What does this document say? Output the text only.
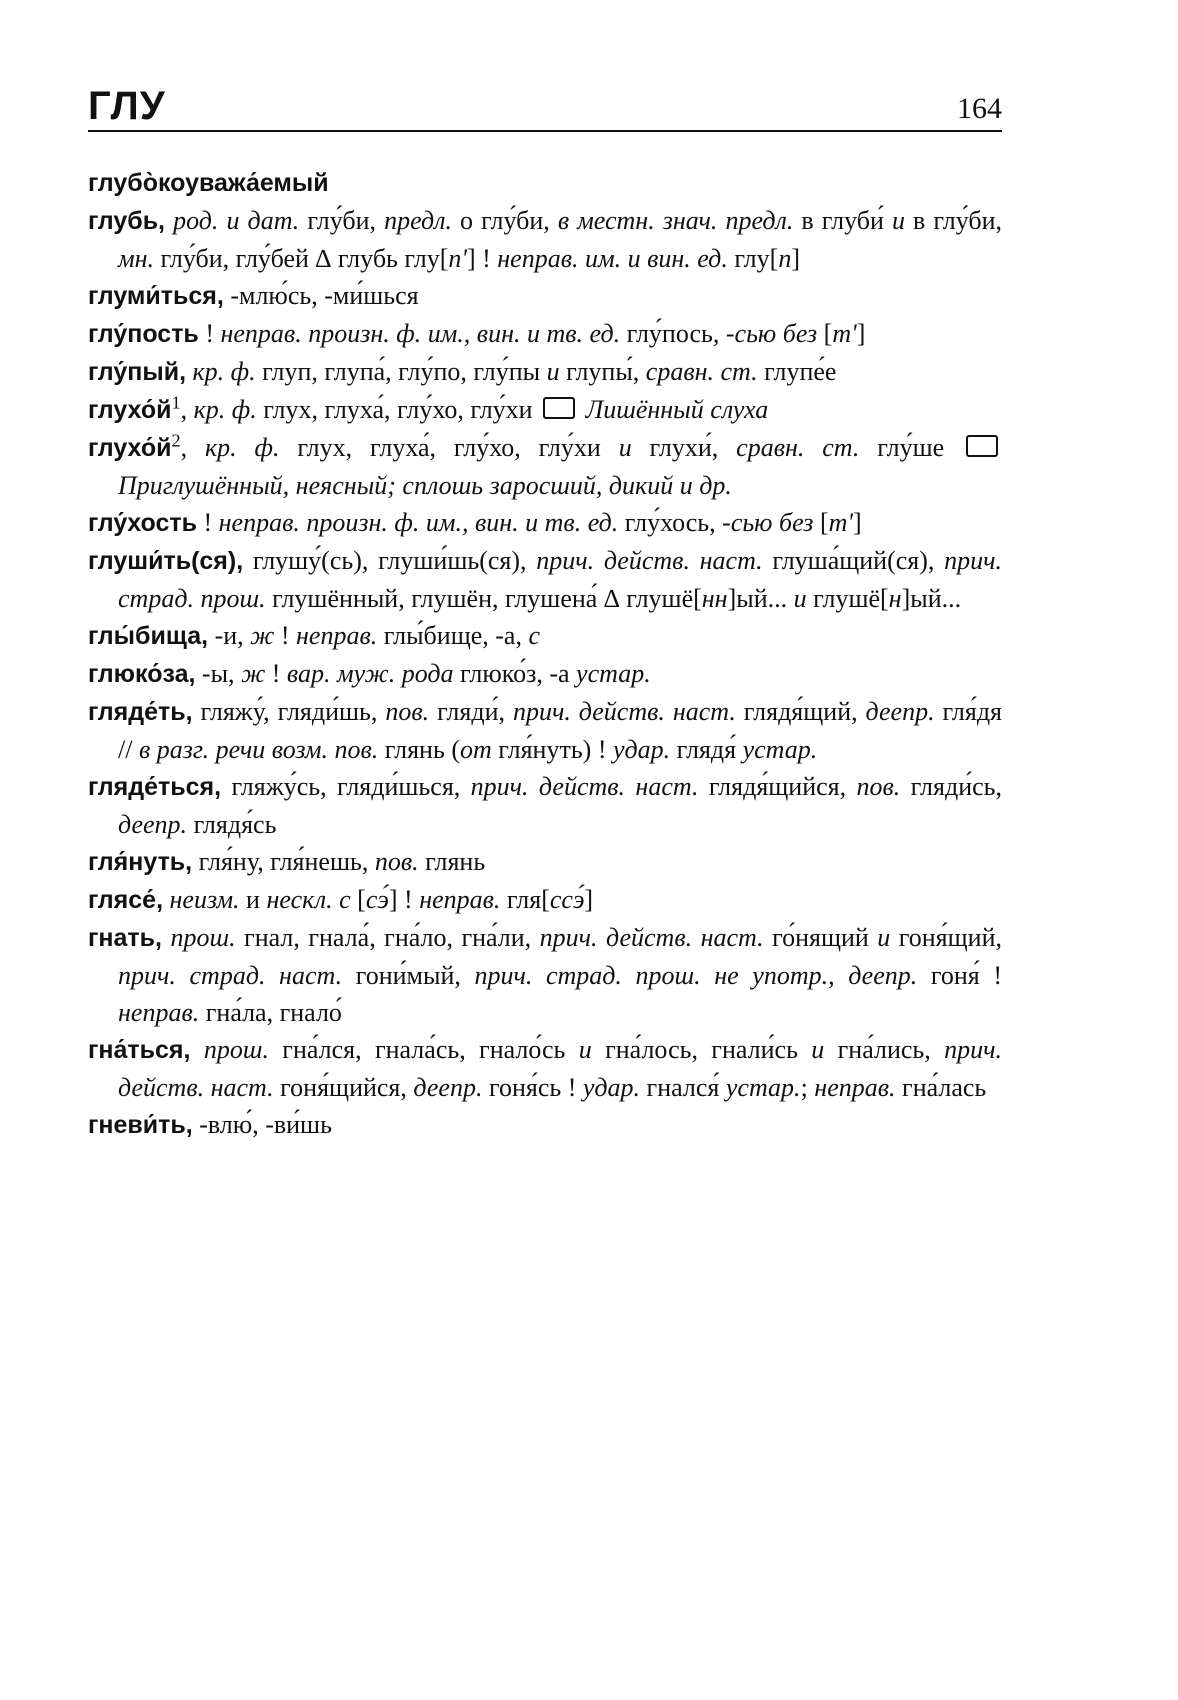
ГЛУ	164
глубо̀коуважа́емый
глубь, род. и дат. глу́би, предл. о глу́би, в местн. знач. предл. в глуби́ и в глу́би, мн. глу́би, глу́бей ∆ глубь глу[п'] ! неправ. им. и вин. ед. глу[п]
глуми́ться, -млю́сь, -ми́шься
глу́пость ! неправ. произн. ф. им., вин. и тв. ед. глу́пось, -сью без [т']
глу́пый, кр. ф. глуп, глупа́, глу́по, глу́пы и глупы́, сравн. ст. глупе́е
$глухо́й^1$, кр. ф. глух, глуха́, глу́хо, глу́хи  Лишённый слуха
$глухо́й^2$, кр. ф. глух, глуха́, глу́хо, глу́хи и глухи́, сравн. ст. глу́ше  Приглушённый, неясный; сплошь заросший, дикий и др.
глу́хость ! неправ. произн. ф. им., вин. и тв. ед. глу́хось, -сью без [т']
глуши́ть(ся), глушу́(сь), глуши́шь(ся), прич. действ. наст. глуша́щий(ся), прич. страд. прош. глушённый, глушён, глушена́ ∆ глушё[нн]ый... и глушё[н]ый...
глы́бища, -и, ж ! неправ. глы́бище, -а, с
глюко́за, -ы, ж ! вар. муж. рода глюко́з, -а устар.
гляде́ть, гляжу́, гляди́шь, пов. гляди́, прич. действ. наст. глядя́щий, деепр. гля́дя // в разг. речи возм. пов. глянь (от гля́нуть) ! удар. глядя́ устар.
гляде́ться, гляжу́сь, гляди́шься, прич. действ. наст. глядя́щийся, пов. гляди́сь, деепр. глядя́сь
гля́нуть, гля́ну, гля́нешь, пов. глянь
глясе́, неизм. и нескл. с [сэ́] ! неправ. гля[ссэ́]
гнать, прош. гнал, гнала́, гна́ло, гна́ли, прич. действ. наст. го́нящий и гоня́щий, прич. страд. наст. гони́мый, прич. страд. прош. не употр., деепр. гоня́ ! неправ. гна́ла, гнало́
гна́ться, прош. гна́лся, гнала́сь, гнало́сь и гна́лось, гнали́сь и гна́лись, прич. действ. наст. гоня́щийся, деепр. гоня́сь ! удар. гнался́ устар.; неправ. гна́лась
гневи́ть, -влю́, -ви́шь
